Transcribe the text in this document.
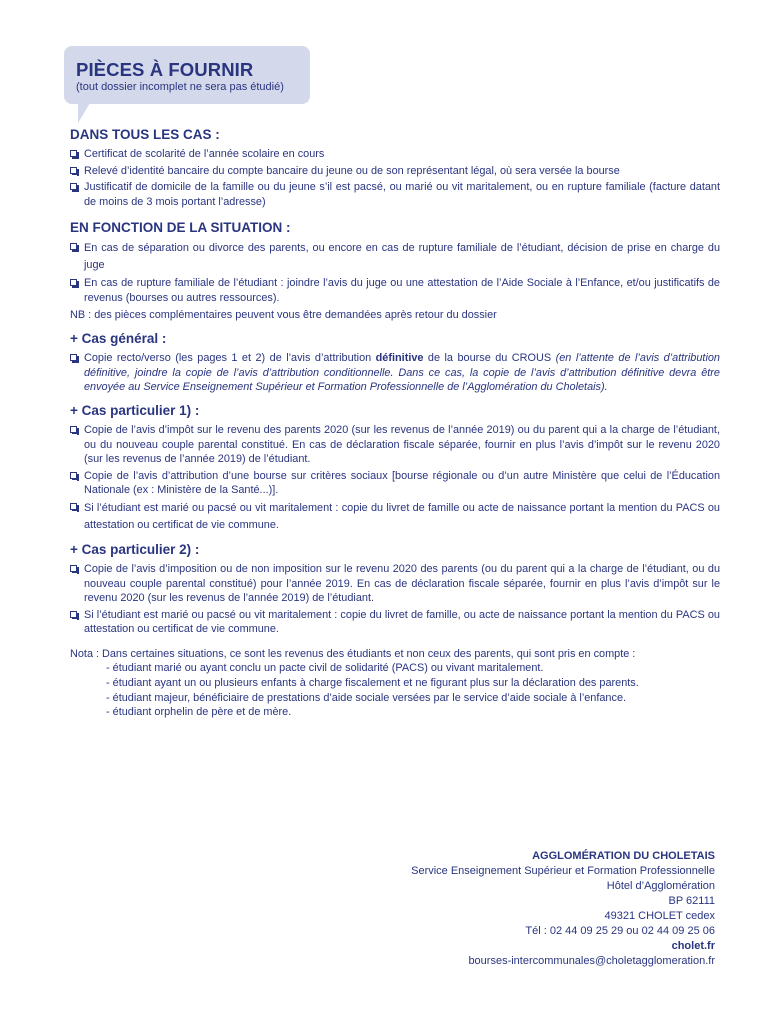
PIÈCES À FOURNIR
(tout dossier incomplet ne sera pas étudié)
DANS TOUS LES CAS :
Certificat de scolarité de l’année scolaire en cours
Relevé d’identité bancaire du compte bancaire du jeune ou de son représentant légal, où sera versée la bourse
Justificatif de domicile de la famille ou du jeune s’il est pacsé, ou marié ou vit maritalement, ou en rupture familiale (facture datant de moins de 3 mois portant l’adresse)
EN FONCTION DE LA SITUATION :
En cas de séparation ou divorce des parents, ou encore en cas de rupture familiale de l’étudiant, décision de prise en charge du juge
En cas de rupture familiale de l’étudiant : joindre l’avis du juge ou une attestation de l’Aide Sociale à l’Enfance, et/ou justificatifs de revenus (bourses ou autres ressources).
NB : des pièces complémentaires peuvent vous être demandées après retour du dossier
+ Cas général :
Copie recto/verso (les pages 1 et 2) de l’avis d’attribution définitive de la bourse du CROUS (en l’attente de l’avis d’attribution définitive, joindre la copie de l’avis d’attribution conditionnelle. Dans ce cas, la copie de l’avis d’attribution définitive devra être envoyée au Service Enseignement Supérieur et Formation Professionnelle de l’Agglomération du Choletais).
+ Cas particulier 1) :
Copie de l’avis d’impôt sur le revenu des parents 2020 (sur les revenus de l’année 2019) ou du parent qui a la charge de l’étudiant, ou du nouveau couple parental constitué. En cas de déclaration fiscale séparée, fournir en plus l’avis d’impôt sur le revenu 2020 (sur les revenus de l’année 2019) de l’étudiant.
Copie de l’avis d’attribution d’une bourse sur critères sociaux [bourse régionale ou d’un autre Ministère que celui de l’Éducation Nationale (ex : Ministère de la Santé...)].
Si l’étudiant est marié ou pacsé ou vit maritalement : copie du livret de famille ou acte de naissance portant la mention du PACS ou attestation ou certificat de vie commune.
+ Cas particulier 2) :
Copie de l’avis d’imposition ou de non imposition sur le revenu 2020 des parents (ou du parent qui a la charge de l’étudiant, ou du nouveau couple parental constitué) pour l’année 2019. En cas de déclaration fiscale séparée, fournir en plus l’avis d’impôt sur le revenu 2020 (sur les revenus de l’année 2019) de l’étudiant.
Si l’étudiant est marié ou pacsé ou vit maritalement : copie du livret de famille, ou acte de naissance portant la mention du PACS ou attestation ou certificat de vie commune.
Nota : Dans certaines situations, ce sont les revenus des étudiants et non ceux des parents, qui sont pris en compte :
- étudiant marié ou ayant conclu un pacte civil de solidarité (PACS) ou vivant maritalement.
- étudiant ayant un ou plusieurs enfants à charge fiscalement et ne figurant plus sur la déclaration des parents.
- étudiant majeur, bénéficiaire de prestations d’aide sociale versées par le service d’aide sociale à l’enfance.
- étudiant orphelin de père et de mère.
AGGLOMÉRATION DU CHOLETAIS
Service Enseignement Supérieur et Formation Professionnelle
Hôtel d’Agglomération
BP 62111
49321 CHOLET cedex
Tél : 02 44 09 25 29 ou 02 44 09 25 06
cholet.fr
bourses-intercommunales@choletagglomeration.fr
